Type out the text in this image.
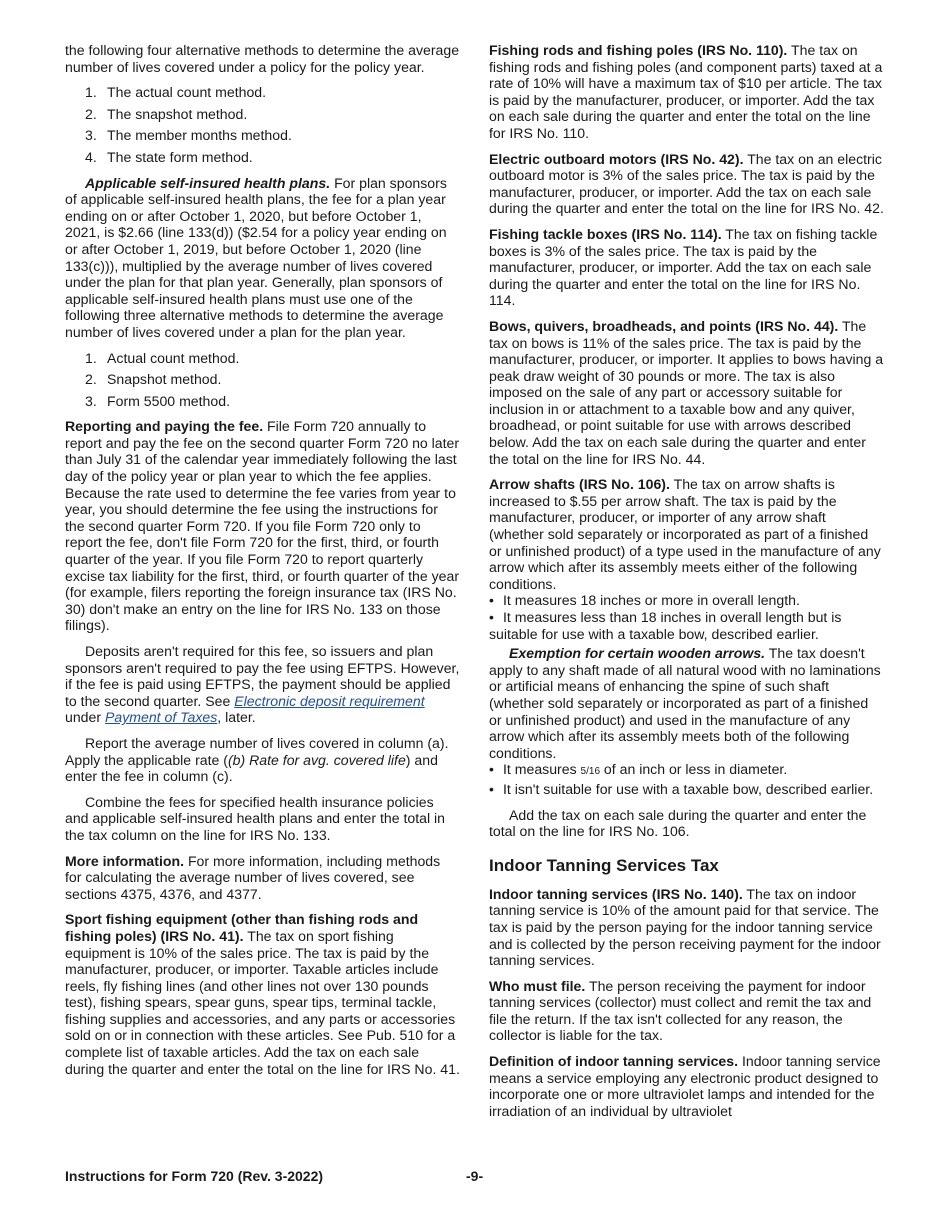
the following four alternative methods to determine the average number of lives covered under a policy for the policy year.

1. The actual count method.
2. The snapshot method.
3. The member months method.
4. The state form method.

Applicable self-insured health plans. For plan sponsors of applicable self-insured health plans, the fee for a plan year ending on or after October 1, 2020, but before October 1, 2021, is $2.66 (line 133(d)) ($2.54 for a policy year ending on or after October 1, 2019, but before October 1, 2020 (line 133(c))), multiplied by the average number of lives covered under the plan for that plan year. Generally, plan sponsors of applicable self-insured health plans must use one of the following three alternative methods to determine the average number of lives covered under a plan for the plan year.

1. Actual count method.
2. Snapshot method.
3. Form 5500 method.

Reporting and paying the fee. File Form 720 annually to report and pay the fee on the second quarter Form 720 no later than July 31 of the calendar year immediately following the last day of the policy year or plan year to which the fee applies. Because the rate used to determine the fee varies from year to year, you should determine the fee using the instructions for the second quarter Form 720. If you file Form 720 only to report the fee, don't file Form 720 for the first, third, or fourth quarter of the year. If you file Form 720 to report quarterly excise tax liability for the first, third, or fourth quarter of the year (for example, filers reporting the foreign insurance tax (IRS No. 30) don't make an entry on the line for IRS No. 133 on those filings).

Deposits aren't required for this fee, so issuers and plan sponsors aren't required to pay the fee using EFTPS. However, if the fee is paid using EFTPS, the payment should be applied to the second quarter. See Electronic deposit requirement under Payment of Taxes, later.

Report the average number of lives covered in column (a). Apply the applicable rate ((b) Rate for avg. covered life) and enter the fee in column (c).

Combine the fees for specified health insurance policies and applicable self-insured health plans and enter the total in the tax column on the line for IRS No. 133.

More information. For more information, including methods for calculating the average number of lives covered, see sections 4375, 4376, and 4377.

Sport fishing equipment (other than fishing rods and fishing poles) (IRS No. 41). The tax on sport fishing equipment is 10% of the sales price. The tax is paid by the manufacturer, producer, or importer. Taxable articles include reels, fly fishing lines (and other lines not over 130 pounds test), fishing spears, spear guns, spear tips, terminal tackle, fishing supplies and accessories, and any parts or accessories sold on or in connection with these articles. See Pub. 510 for a complete list of taxable articles. Add the tax on each sale during the quarter and enter the total on the line for IRS No. 41.

Fishing rods and fishing poles (IRS No. 110). The tax on fishing rods and fishing poles (and component parts) taxed at a rate of 10% will have a maximum tax of $10 per article. The tax is paid by the manufacturer, producer, or importer. Add the tax on each sale during the quarter and enter the total on the line for IRS No. 110.

Electric outboard motors (IRS No. 42). The tax on an electric outboard motor is 3% of the sales price. The tax is paid by the manufacturer, producer, or importer. Add the tax on each sale during the quarter and enter the total on the line for IRS No. 42.

Fishing tackle boxes (IRS No. 114). The tax on fishing tackle boxes is 3% of the sales price. The tax is paid by the manufacturer, producer, or importer. Add the tax on each sale during the quarter and enter the total on the line for IRS No. 114.

Bows, quivers, broadheads, and points (IRS No. 44). The tax on bows is 11% of the sales price. The tax is paid by the manufacturer, producer, or importer. It applies to bows having a peak draw weight of 30 pounds or more. The tax is also imposed on the sale of any part or accessory suitable for inclusion in or attachment to a taxable bow and any quiver, broadhead, or point suitable for use with arrows described below. Add the tax on each sale during the quarter and enter the total on the line for IRS No. 44.

Arrow shafts (IRS No. 106). The tax on arrow shafts is increased to $.55 per arrow shaft. The tax is paid by the manufacturer, producer, or importer of any arrow shaft (whether sold separately or incorporated as part of a finished or unfinished product) of a type used in the manufacture of any arrow which after its assembly meets either of the following conditions.

• It measures 18 inches or more in overall length.
• It measures less than 18 inches in overall length but is suitable for use with a taxable bow, described earlier.

Exemption for certain wooden arrows. The tax doesn't apply to any shaft made of all natural wood with no laminations or artificial means of enhancing the spine of such shaft (whether sold separately or incorporated as part of a finished or unfinished product) and used in the manufacture of any arrow which after its assembly meets both of the following conditions.

• It measures 5/16 of an inch or less in diameter.
• It isn't suitable for use with a taxable bow, described earlier.

Add the tax on each sale during the quarter and enter the total on the line for IRS No. 106.

Indoor Tanning Services Tax

Indoor tanning services (IRS No. 140). The tax on indoor tanning service is 10% of the amount paid for that service. The tax is paid by the person paying for the indoor tanning service and is collected by the person receiving payment for the indoor tanning services.

Who must file. The person receiving the payment for indoor tanning services (collector) must collect and remit the tax and file the return. If the tax isn't collected for any reason, the collector is liable for the tax.

Definition of indoor tanning services. Indoor tanning service means a service employing any electronic product designed to incorporate one or more ultraviolet lamps and intended for the irradiation of an individual by ultraviolet

Instructions for Form 720 (Rev. 3-2022)	-9-
